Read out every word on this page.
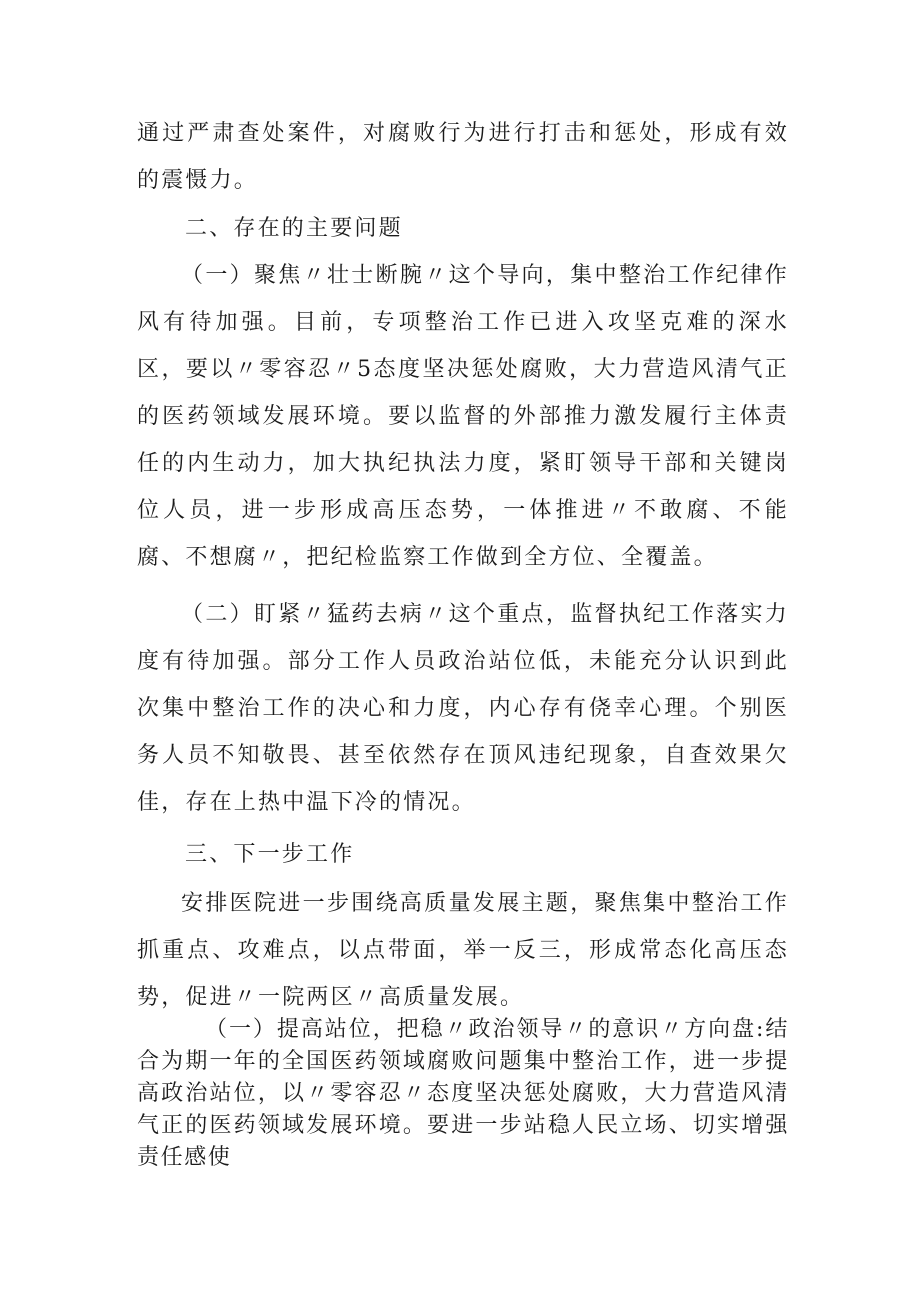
通过严肃查处案件，对腐败行为进行打击和惩处，形成有效的震慑力。

二、存在的主要问题

（一）聚焦〃壮士断腕〃这个导向，集中整治工作纪律作风有待加强。目前，专项整治工作已进入攻坚克难的深水区，要以〃零容忍〃5态度坚决惩处腐败，大力营造风清气正的医药领域发展环境。要以监督的外部推力激发履行主体责任的内生动力，加大执纪执法力度，紧盯领导干部和关键岗位人员，进一步形成高压态势，一体推进〃不敢腐、不能腐、不想腐〃，把纪检监察工作做到全方位、全覆盖。

（二）盯紧〃猛药去病〃这个重点，监督执纪工作落实力度有待加强。部分工作人员政治站位低，未能充分认识到此次集中整治工作的决心和力度，内心存有侥幸心理。个别医务人员不知敬畏、甚至依然存在顶风违纪现象，自查效果欠佳，存在上热中温下冷的情况。

三、下一步工作

安排医院进一步围绕高质量发展主题，聚焦集中整治工作抓重点、攻难点，以点带面，举一反三，形成常态化高压态势，促进〃一院两区〃高质量发展。

（一）提高站位，把稳〃政治领导〃的意识〃方向盘:结合为期一年的全国医药领域腐败问题集中整治工作，进一步提高政治站位，以〃零容忍〃态度坚决惩处腐败，大力营造风清气正的医药领域发展环境。要进一步站稳人民立场、切实增强责任感使
